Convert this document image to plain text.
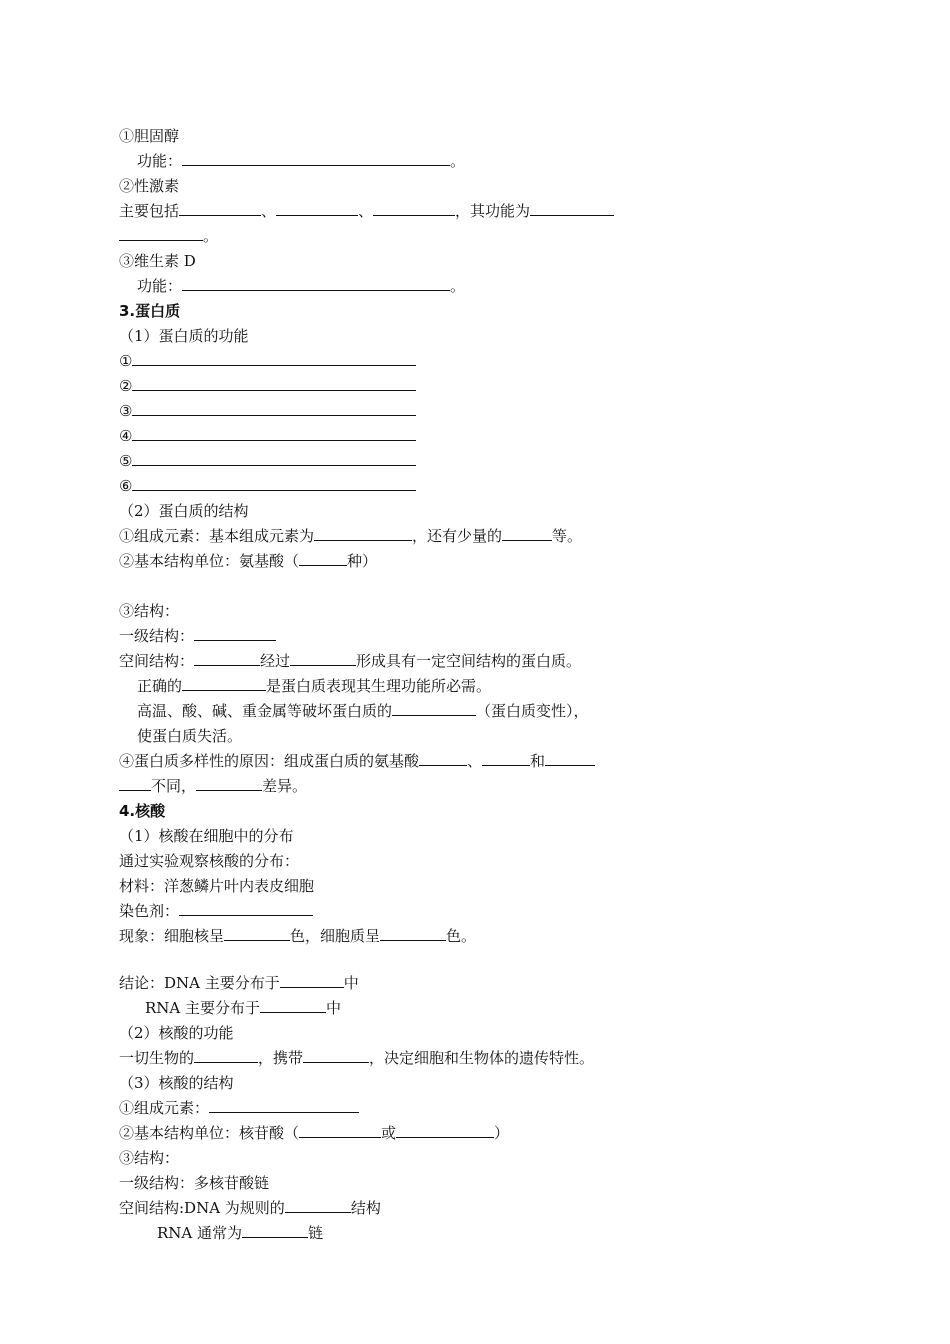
①胆固醇
功能：	。
②性激素
主要包括	、	、	，其功能为
。
③维生素 D
功能：	。
3.蛋白质
（1）蛋白质的功能
①
②
③
④
⑤
⑥
（2）蛋白质的结构
①组成元素：基本组成元素为	，还有少量的	等。
②基本结构单位：氨基酸（	种）
③结构：
一级结构：
空间结构：	经过	形成具有一定空间结构的蛋白质。
正确的	是蛋白质表现其生理功能所必需。
高温、酸、碱、重金属等破坏蛋白质的	（蛋白质变性），
使蛋白质失活。
④蛋白质多样性的原因：组成蛋白质的氨基酸	、	和
不同，	差异。
4.核酸
（1）核酸在细胞中的分布
通过实验观察核酸的分布：
材料：洋葱鳞片叶内表皮细胞
染色剂：
现象：细胞核呈	色，细胞质呈	色。
结论：DNA 主要分布于	中
RNA 主要分布于	中
（2）核酸的功能
一切生物的	，携带	，决定细胞和生物体的遗传特性。
（3）核酸的结构
①组成元素：
②基本结构单位：核苷酸（	或	）
③结构：
一级结构：多核苷酸链
空间结构:DNA 为规则的	结构
RNA 通常为	链
